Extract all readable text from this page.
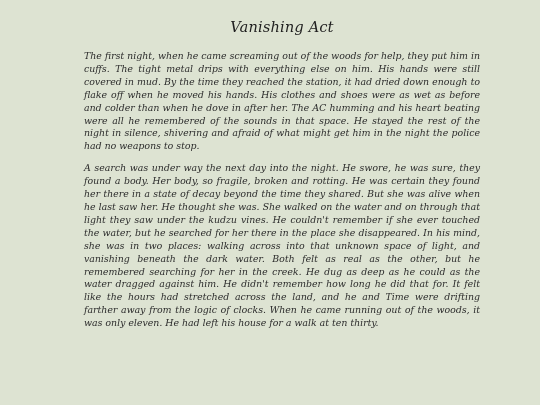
Vanishing Act

The first night, when he came screaming out of the woods for help, they put him in cuffs. The tight metal drips with everything else on him. His hands were still covered in mud. By the time they reached the station, it had dried down enough to flake off when he moved his hands. His clothes and shoes were as wet as before and colder than when he dove in after her. The AC humming and his heart beating were all he remembered of the sounds in that space. He stayed the rest of the night in silence, shivering and afraid of what might get him in the night the police had no weapons to stop.

A search was under way the next day into the night. He swore, he was sure, they found a body. Her body, so fragile, broken and rotting. He was certain they found her there in a state of decay beyond the time they shared. But she was alive when he last saw her. He thought she was. She walked on the water and on through that light they saw under the kudzu vines. He couldn't remember if she ever touched the water, but he searched for her there in the place she disappeared. In his mind, she was in two places: walking across into that unknown space of light, and vanishing beneath the dark water. Both felt as real as the other, but he remembered searching for her in the creek. He dug as deep as he could as the water dragged against him. He didn't remember how long he did that for. It felt like the hours had stretched across the land, and he and Time were drifting farther away from the logic of clocks. When he came running out of the woods, it was only eleven. He had left his house for a walk at ten thirty.
